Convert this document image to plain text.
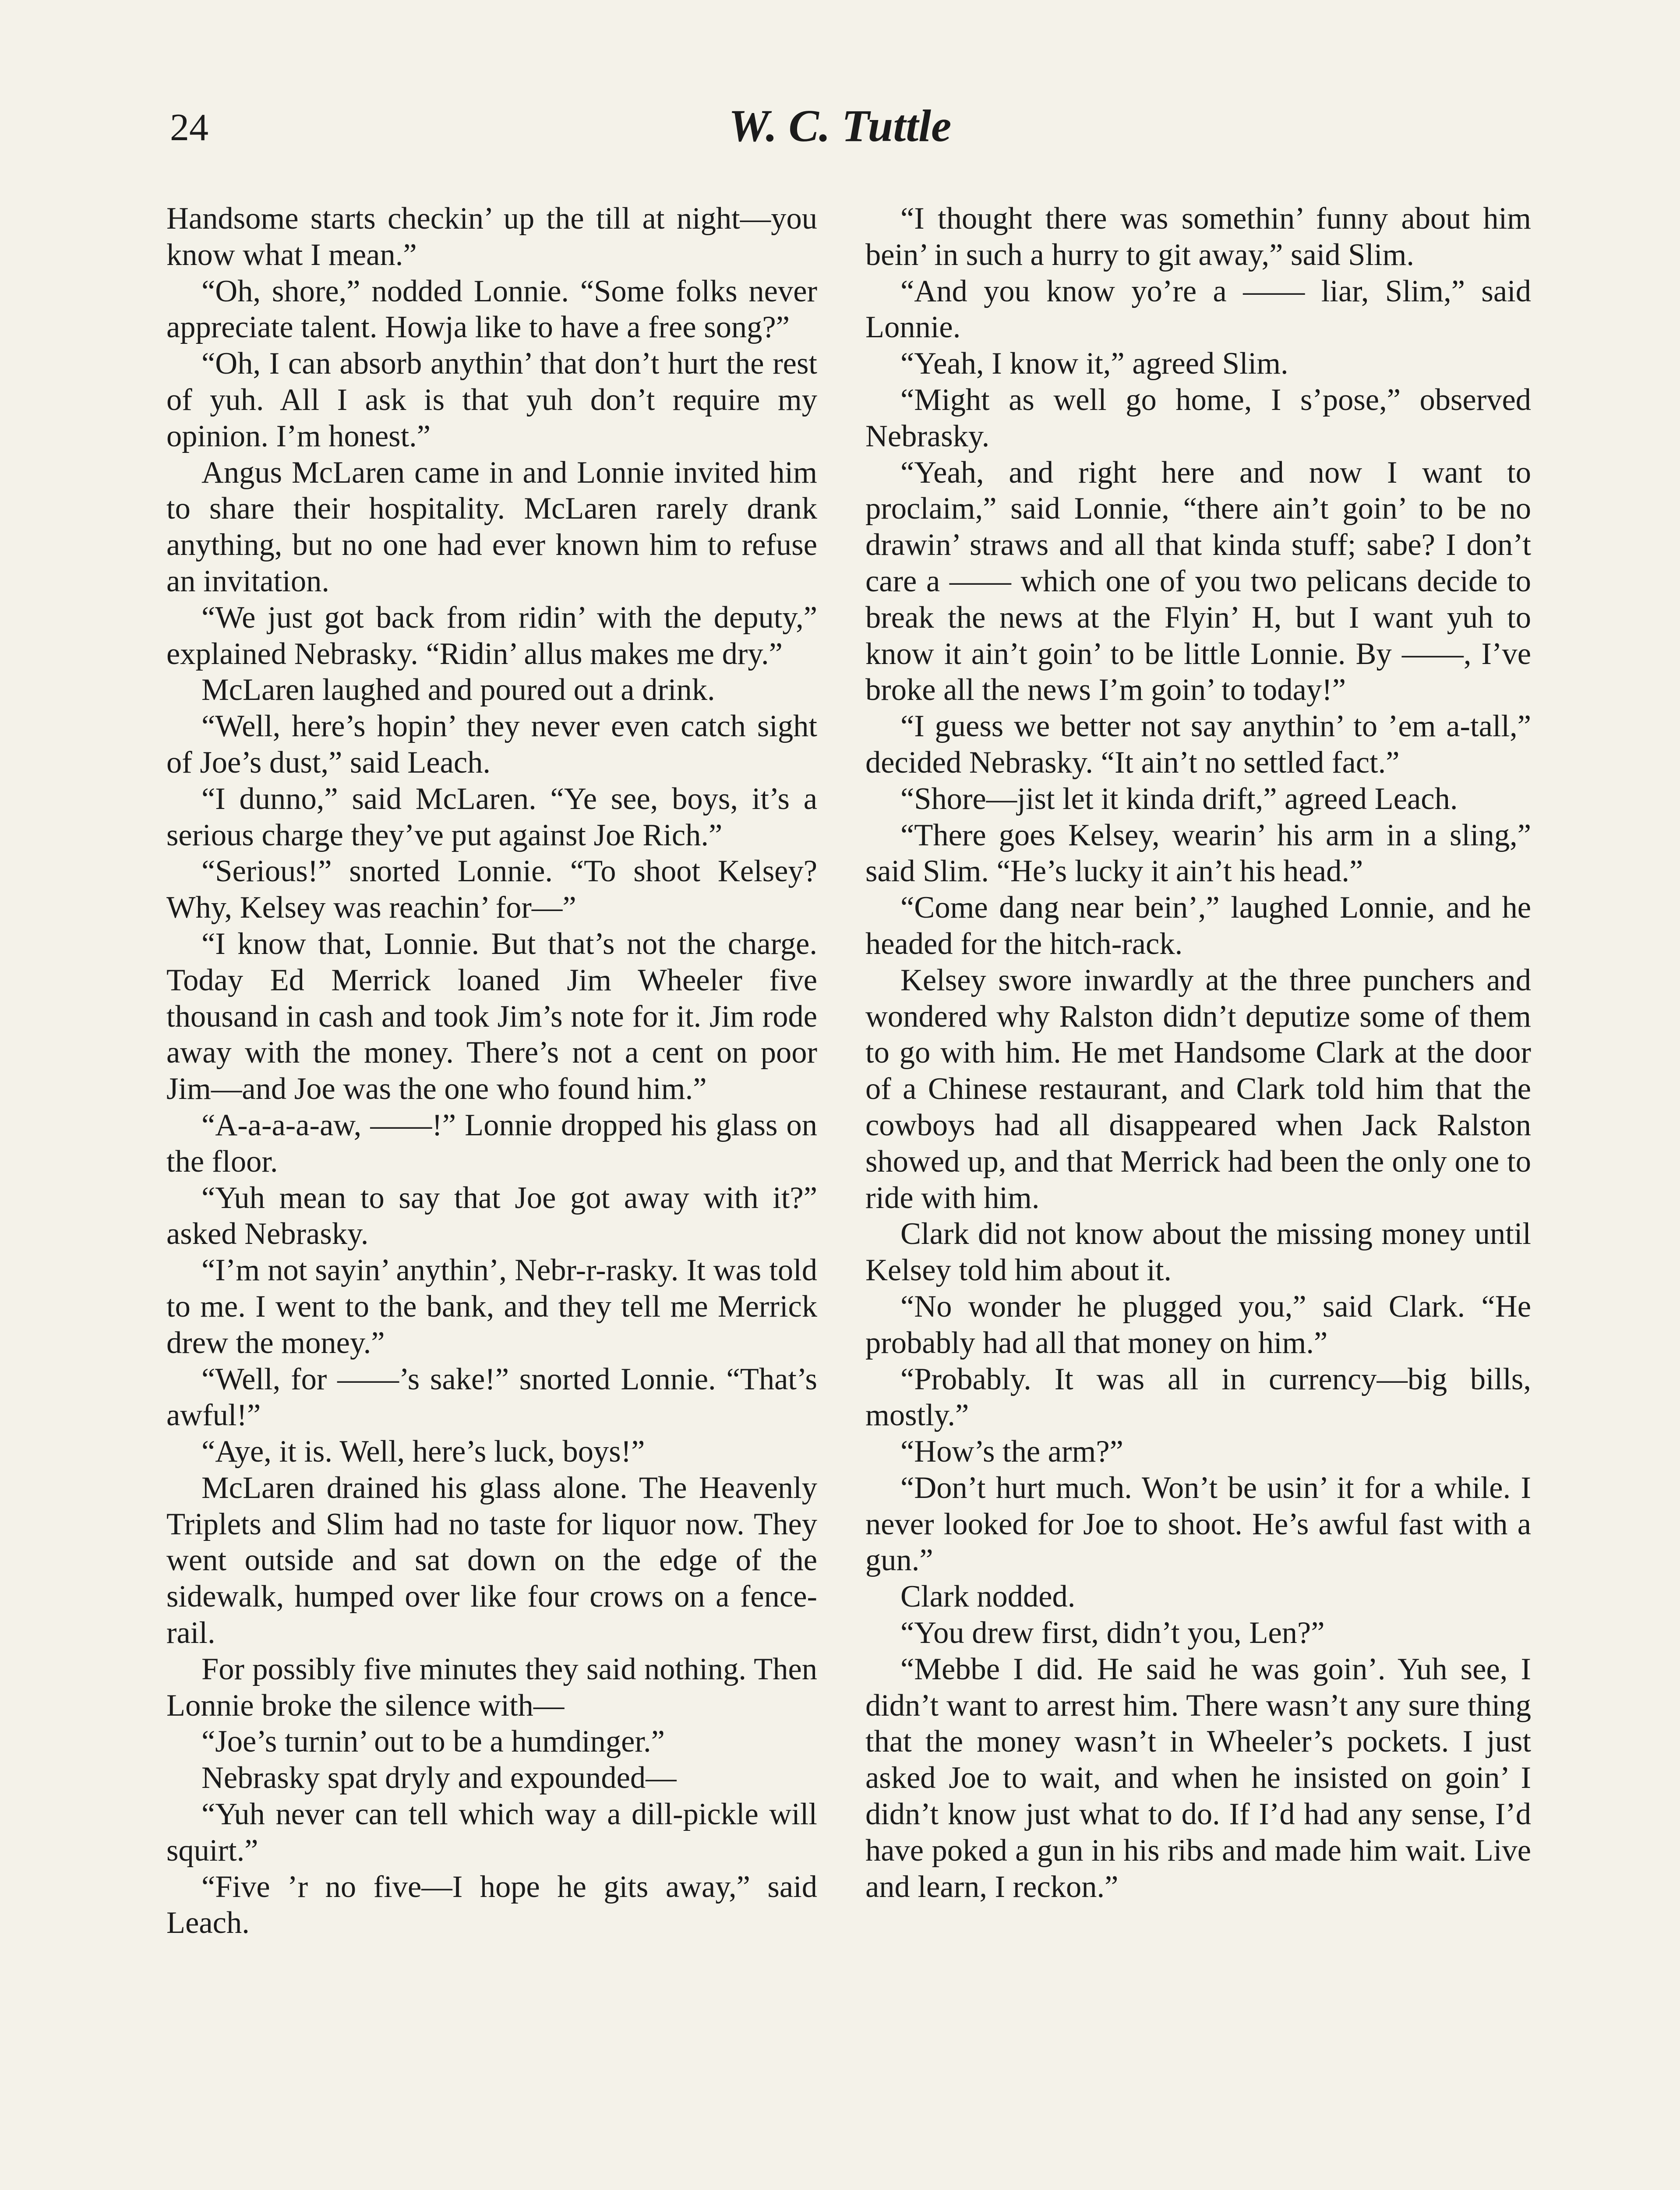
24	W. C. Tuttle

Handsome starts checkin’ up the till at night—you know what I mean.”

“Oh, shore,” nodded Lonnie. “Some folks never appreciate talent. Howja like to have a free song?”

“Oh, I can absorb anythin’ that don’t hurt the rest of yuh. All I ask is that yuh don’t require my opinion. I’m honest.”

Angus McLaren came in and Lonnie invited him to share their hospitality. McLaren rarely drank anything, but no one had ever known him to refuse an invitation.

“We just got back from ridin’ with the deputy,” explained Nebrasky. “Ridin’ allus makes me dry.”

McLaren laughed and poured out a drink.

“Well, here’s hopin’ they never even catch sight of Joe’s dust,” said Leach.

“I dunno,” said McLaren. “Ye see, boys, it’s a serious charge they’ve put against Joe Rich.”

“Serious!” snorted Lonnie. “To shoot Kelsey? Why, Kelsey was reachin’ for—”

“I know that, Lonnie. But that’s not the charge. Today Ed Merrick loaned Jim Wheeler five thousand in cash and took Jim’s note for it. Jim rode away with the money. There’s not a cent on poor Jim—and Joe was the one who found him.”

“A-a-a-a-aw, ——!” Lonnie dropped his glass on the floor.

“Yuh mean to say that Joe got away with it?” asked Nebrasky.

“I’m not sayin’ anythin’, Nebr-r-rasky. It was told to me. I went to the bank, and they tell me Merrick drew the money.”

“Well, for ——’s sake!” snorted Lonnie. “That’s awful!”

“Aye, it is. Well, here’s luck, boys!”

McLaren drained his glass alone. The Heavenly Triplets and Slim had no taste for liquor now. They went outside and sat down on the edge of the sidewalk, humped over like four crows on a fence-rail.

For possibly five minutes they said nothing. Then Lonnie broke the silence with—

“Joe’s turnin’ out to be a humdinger.”

Nebrasky spat dryly and expounded—

“Yuh never can tell which way a dill-pickle will squirt.”

“Five ’r no five—I hope he gits away,” said Leach.

“I thought there was somethin’ funny about him bein’ in such a hurry to git away,” said Slim.

“And you know yo’re a —— liar, Slim,” said Lonnie.

“Yeah, I know it,” agreed Slim.

“Might as well go home, I s’pose,” observed Nebrasky.

“Yeah, and right here and now I want to proclaim,” said Lonnie, “there ain’t goin’ to be no drawin’ straws and all that kinda stuff; sabe? I don’t care a —— which one of you two pelicans decide to break the news at the Flyin’ H, but I want yuh to know it ain’t goin’ to be little Lonnie. By ——, I’ve broke all the news I’m goin’ to today!”

“I guess we better not say anythin’ to ’em a-tall,” decided Nebrasky. “It ain’t no settled fact.”

“Shore—jist let it kinda drift,” agreed Leach.

“There goes Kelsey, wearin’ his arm in a sling,” said Slim. “He’s lucky it ain’t his head.”

“Come dang near bein’,” laughed Lonnie, and he headed for the hitch-rack.

Kelsey swore inwardly at the three punchers and wondered why Ralston didn’t deputize some of them to go with him. He met Handsome Clark at the door of a Chinese restaurant, and Clark told him that the cowboys had all disappeared when Jack Ralston showed up, and that Merrick had been the only one to ride with him.

Clark did not know about the missing money until Kelsey told him about it.

“No wonder he plugged you,” said Clark. “He probably had all that money on him.”

“Probably. It was all in currency—big bills, mostly.”

“How’s the arm?”

“Don’t hurt much. Won’t be usin’ it for a while. I never looked for Joe to shoot. He’s awful fast with a gun.”

Clark nodded.

“You drew first, didn’t you, Len?”

“Mebbe I did. He said he was goin’. Yuh see, I didn’t want to arrest him. There wasn’t any sure thing that the money wasn’t in Wheeler’s pockets. I just asked Joe to wait, and when he insisted on goin’ I didn’t know just what to do. If I’d had any sense, I’d have poked a gun in his ribs and made him wait. Live and learn, I reckon.”
